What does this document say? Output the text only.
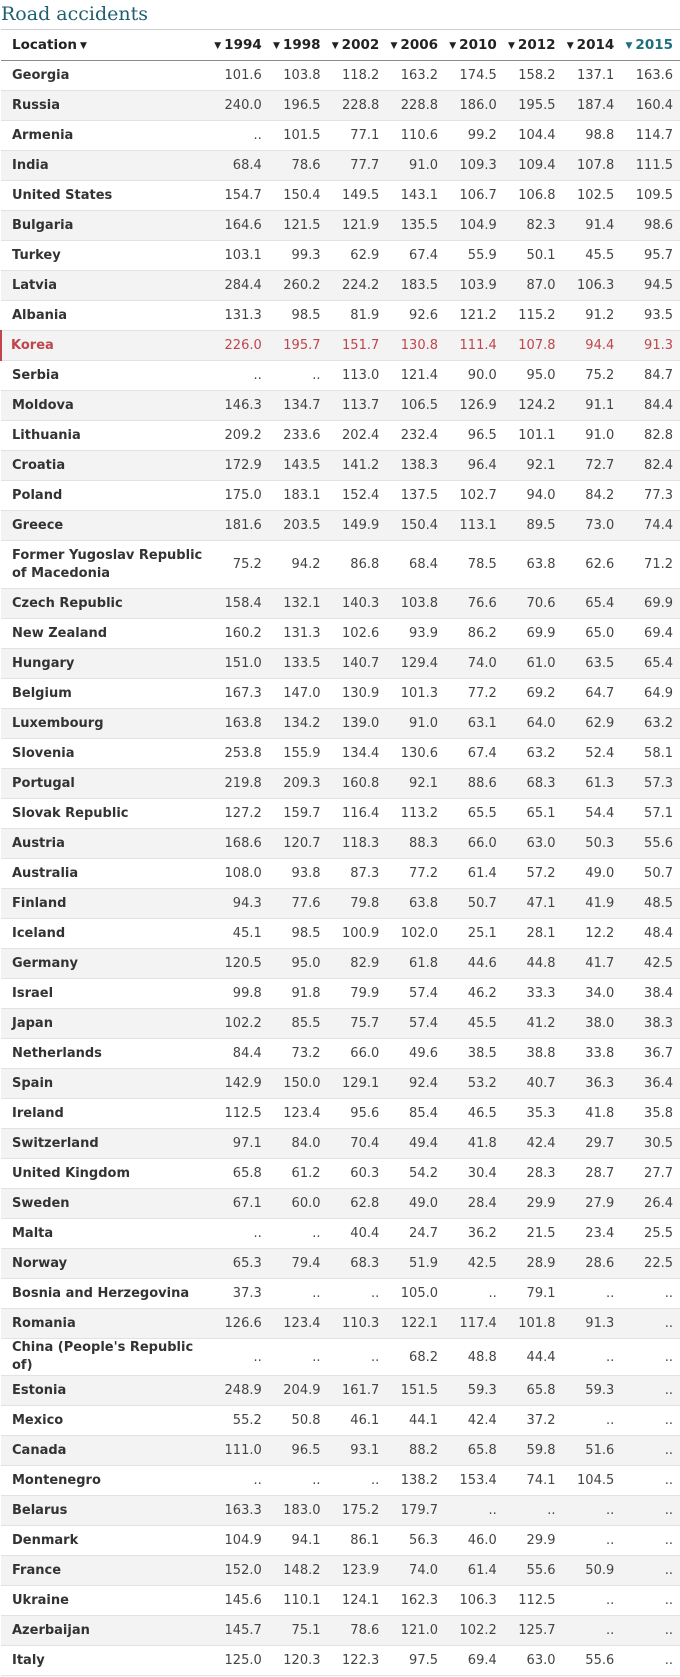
Road accidents
Location ▼	▼ 1994	▼ 1998	▼ 2002	▼ 2006	▼ 2010	▼ 2012	▼ 2014	▼ 2015
Georgia	101.6	103.8	118.2	163.2	174.5	158.2	137.1	163.6
Russia	240.0	196.5	228.8	228.8	186.0	195.5	187.4	160.4
Armenia	..	101.5	77.1	110.6	99.2	104.4	98.8	114.7
India	68.4	78.6	77.7	91.0	109.3	109.4	107.8	111.5
United States	154.7	150.4	149.5	143.1	106.7	106.8	102.5	109.5
Bulgaria	164.6	121.5	121.9	135.5	104.9	82.3	91.4	98.6
Turkey	103.1	99.3	62.9	67.4	55.9	50.1	45.5	95.7
Latvia	284.4	260.2	224.2	183.5	103.9	87.0	106.3	94.5
Albania	131.3	98.5	81.9	92.6	121.2	115.2	91.2	93.5
Korea	226.0	195.7	151.7	130.8	111.4	107.8	94.4	91.3
Serbia	..	..	113.0	121.4	90.0	95.0	75.2	84.7
Moldova	146.3	134.7	113.7	106.5	126.9	124.2	91.1	84.4
Lithuania	209.2	233.6	202.4	232.4	96.5	101.1	91.0	82.8
Croatia	172.9	143.5	141.2	138.3	96.4	92.1	72.7	82.4
Poland	175.0	183.1	152.4	137.5	102.7	94.0	84.2	77.3
Greece	181.6	203.5	149.9	150.4	113.1	89.5	73.0	74.4
Former Yugoslav Republic of Macedonia	75.2	94.2	86.8	68.4	78.5	63.8	62.6	71.2
Czech Republic	158.4	132.1	140.3	103.8	76.6	70.6	65.4	69.9
New Zealand	160.2	131.3	102.6	93.9	86.2	69.9	65.0	69.4
Hungary	151.0	133.5	140.7	129.4	74.0	61.0	63.5	65.4
Belgium	167.3	147.0	130.9	101.3	77.2	69.2	64.7	64.9
Luxembourg	163.8	134.2	139.0	91.0	63.1	64.0	62.9	63.2
Slovenia	253.8	155.9	134.4	130.6	67.4	63.2	52.4	58.1
Portugal	219.8	209.3	160.8	92.1	88.6	68.3	61.3	57.3
Slovak Republic	127.2	159.7	116.4	113.2	65.5	65.1	54.4	57.1
Austria	168.6	120.7	118.3	88.3	66.0	63.0	50.3	55.6
Australia	108.0	93.8	87.3	77.2	61.4	57.2	49.0	50.7
Finland	94.3	77.6	79.8	63.8	50.7	47.1	41.9	48.5
Iceland	45.1	98.5	100.9	102.0	25.1	28.1	12.2	48.4
Germany	120.5	95.0	82.9	61.8	44.6	44.8	41.7	42.5
Israel	99.8	91.8	79.9	57.4	46.2	33.3	34.0	38.4
Japan	102.2	85.5	75.7	57.4	45.5	41.2	38.0	38.3
Netherlands	84.4	73.2	66.0	49.6	38.5	38.8	33.8	36.7
Spain	142.9	150.0	129.1	92.4	53.2	40.7	36.3	36.4
Ireland	112.5	123.4	95.6	85.4	46.5	35.3	41.8	35.8
Switzerland	97.1	84.0	70.4	49.4	41.8	42.4	29.7	30.5
United Kingdom	65.8	61.2	60.3	54.2	30.4	28.3	28.7	27.7
Sweden	67.1	60.0	62.8	49.0	28.4	29.9	27.9	26.4
Malta	..	..	40.4	24.7	36.2	21.5	23.4	25.5
Norway	65.3	79.4	68.3	51.9	42.5	28.9	28.6	22.5
Bosnia and Herzegovina	37.3	..	..	105.0	..	79.1	..	..
Romania	126.6	123.4	110.3	122.1	117.4	101.8	91.3	..
China (People's Republic of)	..	..	..	68.2	48.8	44.4	..	..
Estonia	248.9	204.9	161.7	151.5	59.3	65.8	59.3	..
Mexico	55.2	50.8	46.1	44.1	42.4	37.2	..	..
Canada	111.0	96.5	93.1	88.2	65.8	59.8	51.6	..
Montenegro	..	..	..	138.2	153.4	74.1	104.5	..
Belarus	163.3	183.0	175.2	179.7	..	..	..	..
Denmark	104.9	94.1	86.1	56.3	46.0	29.9	..	..
France	152.0	148.2	123.9	74.0	61.4	55.6	50.9	..
Ukraine	145.6	110.1	124.1	162.3	106.3	112.5	..	..
Azerbaijan	145.7	75.1	78.6	121.0	102.2	125.7	..	..
Italy	125.0	120.3	122.3	97.5	69.4	63.0	55.6	..
